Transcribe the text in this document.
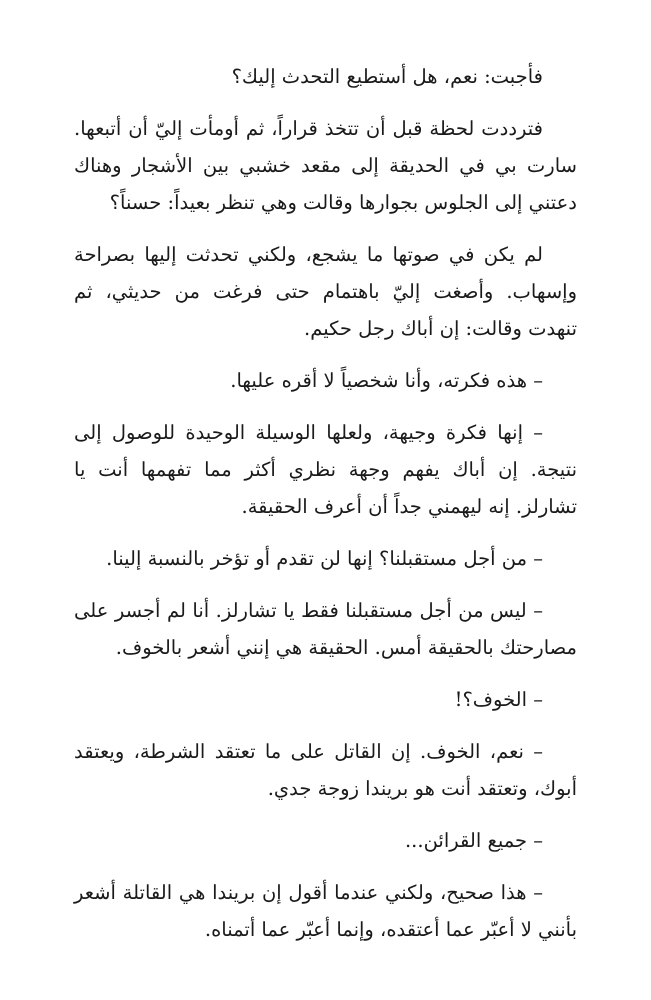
فأجبت: نعم، هل أستطيع التحدث إليك؟

فترددت لحظة قبل أن تتخذ قراراً، ثم أومأت إليّ أن أتبعها. سارت بي في الحديقة إلى مقعد خشبي بين الأشجار وهناك دعتني إلى الجلوس بجوارها وقالت وهي تنظر بعيداً: حسناً؟

لم يكن في صوتها ما يشجع، ولكني تحدثت إليها بصراحة وإسهاب. وأصغت إليّ باهتمام حتى فرغت من حديثي، ثم تنهدت وقالت: إن أباك رجل حكيم.

– هذه فكرته، وأنا شخصياً لا أقره عليها.

– إنها فكرة وجيهة، ولعلها الوسيلة الوحيدة للوصول إلى نتيجة. إن أباك يفهم وجهة نظري أكثر مما تفهمها أنت يا تشارلز. إنه ليهمني جداً أن أعرف الحقيقة.

– من أجل مستقبلنا؟ إنها لن تقدم أو تؤخر بالنسبة إلينا.

– ليس من أجل مستقبلنا فقط يا تشارلز. أنا لم أجسر على مصارحتك بالحقيقة أمس. الحقيقة هي إنني أشعر بالخوف.

– الخوف؟!

– نعم، الخوف. إن القاتل على ما تعتقد الشرطة، ويعتقد أبوك، وتعتقد أنت هو بريندا زوجة جدي.

– جميع القرائن...

– هذا صحيح، ولكني عندما أقول إن بريندا هي القاتلة أشعر بأنني لا أعبّر عما أعتقده، وإنما أعبّر عما أتمناه.
